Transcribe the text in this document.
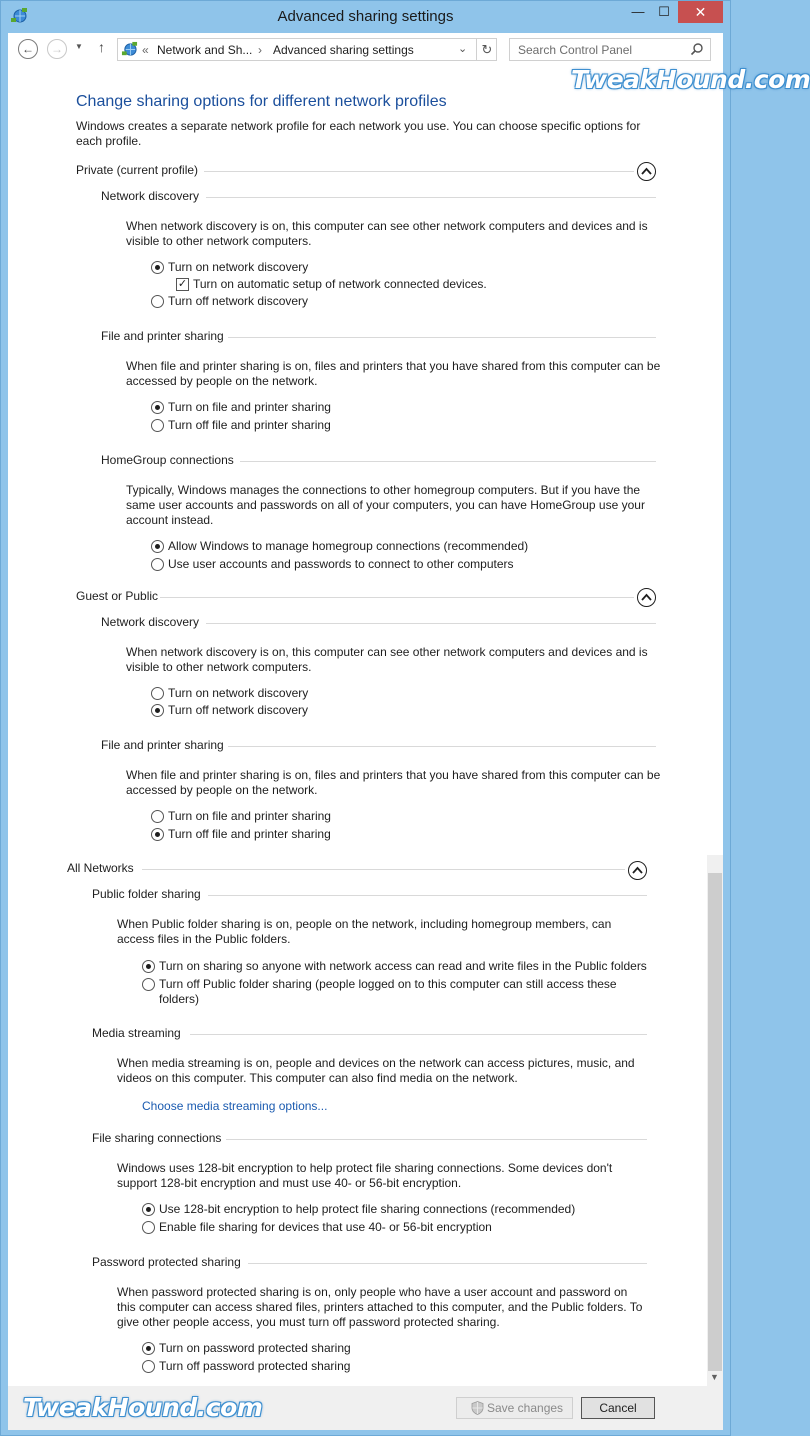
Advanced sharing settings	—	☐	✕
←	→	▼ ↑	« Network and Sh... › Advanced sharing settings	⌄	↻
Search Control Panel
Change sharing options for different network profiles
Windows creates a separate network profile for each network you use. You can choose specific options for each profile.
Private (current profile)
Network discovery
When network discovery is on, this computer can see other network computers and devices and is visible to other network computers.
Turn on network discovery
✓ Turn on automatic setup of network connected devices.
Turn off network discovery
File and printer sharing
When file and printer sharing is on, files and printers that you have shared from this computer can be accessed by people on the network.
Turn on file and printer sharing
Turn off file and printer sharing
HomeGroup connections
Typically, Windows manages the connections to other homegroup computers. But if you have the same user accounts and passwords on all of your computers, you can have HomeGroup use your account instead.
Allow Windows to manage homegroup connections (recommended)
Use user accounts and passwords to connect to other computers
Guest or Public
Network discovery
When network discovery is on, this computer can see other network computers and devices and is visible to other network computers.
Turn on network discovery
Turn off network discovery
File and printer sharing
When file and printer sharing is on, files and printers that you have shared from this computer can be accessed by people on the network.
Turn on file and printer sharing
Turn off file and printer sharing
All Networks
Public folder sharing
When Public folder sharing is on, people on the network, including homegroup members, can access files in the Public folders.
Turn on sharing so anyone with network access can read and write files in the Public folders
Turn off Public folder sharing (people logged on to this computer can still access these folders)
Media streaming
When media streaming is on, people and devices on the network can access pictures, music, and videos on this computer. This computer can also find media on the network.
Choose media streaming options...
File sharing connections
Windows uses 128-bit encryption to help protect file sharing connections. Some devices don't support 128-bit encryption and must use 40- or 56-bit encryption.
Use 128-bit encryption to help protect file sharing connections (recommended)
Enable file sharing for devices that use 40- or 56-bit encryption
Password protected sharing
When password protected sharing is on, only people who have a user account and password on this computer can access shared files, printers attached to this computer, and the Public folders. To give other people access, you must turn off password protected sharing.
Turn on password protected sharing
Turn off password protected sharing
▼
Save changes	Cancel
TweakHound.com
TweakHound.com
